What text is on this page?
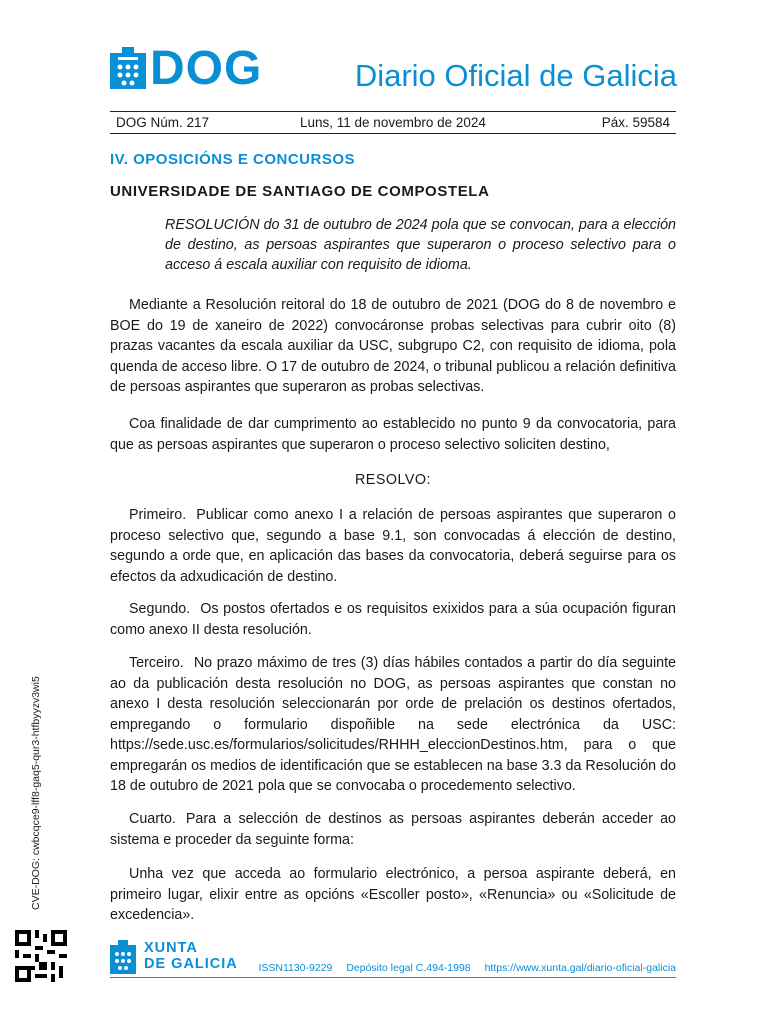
DOG	Diario Oficial de Galicia
DOG Núm. 217	Luns, 11 de novembro de 2024	Páx. 59584
IV. OPOSICIÓNS E CONCURSOS
UNIVERSIDADE DE SANTIAGO DE COMPOSTELA
RESOLUCIÓN do 31 de outubro de 2024 pola que se convocan, para a elección de destino, as persoas aspirantes que superaron o proceso selectivo para o acceso á escala auxiliar con requisito de idioma.

Mediante a Resolución reitoral do 18 de outubro de 2021 (DOG do 8 de novembro e BOE do 19 de xaneiro de 2022) convocáronse probas selectivas para cubrir oito (8) prazas vacantes da escala auxiliar da USC, subgrupo C2, con requisito de idioma, pola quenda de acceso libre. O 17 de outubro de 2024, o tribunal publicou a relación definitiva de persoas aspirantes que superaron as probas selectivas.

Coa finalidade de dar cumprimento ao establecido no punto 9 da convocatoria, para que as persoas aspirantes que superaron o proceso selectivo soliciten destino,

RESOLVO:

Primeiro. Publicar como anexo I a relación de persoas aspirantes que superaron o proceso selectivo que, segundo a base 9.1, son convocadas á elección de destino, segundo a orde que, en aplicación das bases da convocatoria, deberá seguirse para os efectos da adxudicación de destino.

Segundo. Os postos ofertados e os requisitos exixidos para a súa ocupación figuran como anexo II desta resolución.

Terceiro. No prazo máximo de tres (3) días hábiles contados a partir do día seguinte ao da publicación desta resolución no DOG, as persoas aspirantes que constan no anexo I desta resolución seleccionarán por orde de prelación os destinos ofertados, empregando o formulario dispoñible na sede electrónica da USC: https://sede.usc.es/formularios/solicitudes/RHHH_eleccionDestinos.htm, para o que empregarán os medios de identificación que se establecen na base 3.3 da Resolución do 18 de outubro de 2021 pola que se convocaba o procedemento selectivo.

Cuarto. Para a selección de destinos as persoas aspirantes deberán acceder ao sistema e proceder da seguinte forma:

Unha vez que acceda ao formulario electrónico, a persoa aspirante deberá, en primeiro lugar, elixir entre as opcións «Escoller posto», «Renuncia» ou «Solicitude de excedencia».

CVE-DOG: cwbcqce9-lff8-gaq5-qur3-htfbyyzv3wi5
XUNTA
DE GALICIA	ISSN1130-9229 Depósito legal C.494-1998 https://www.xunta.gal/diario-oficial-galicia
